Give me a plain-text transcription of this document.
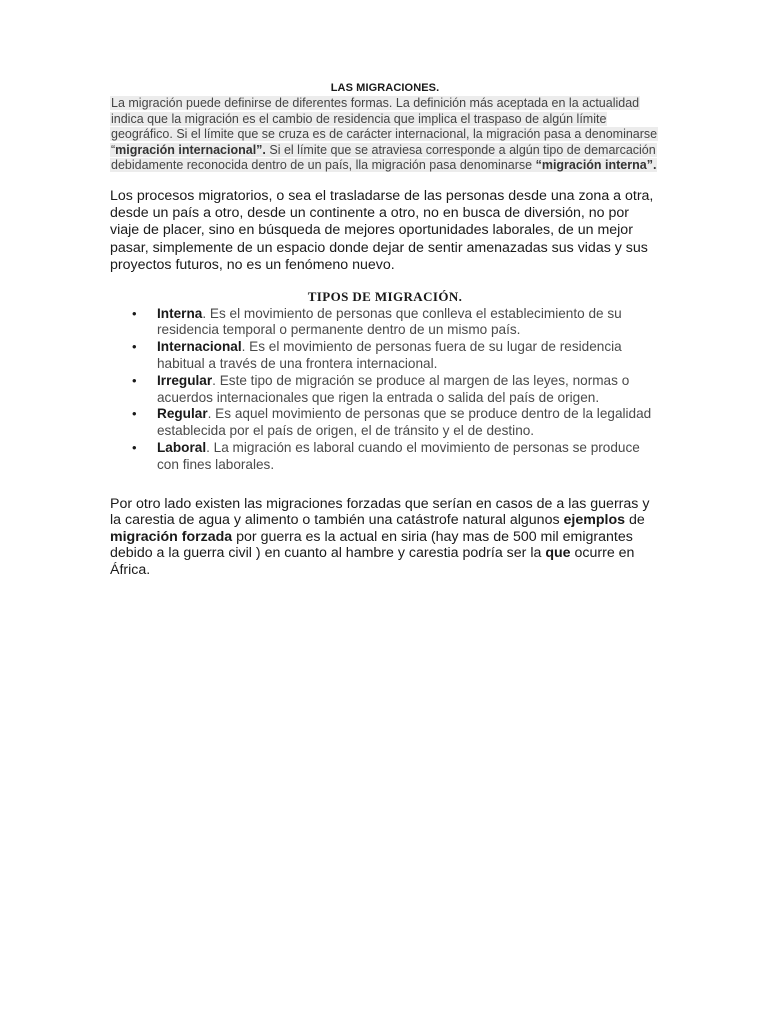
LAS MIGRACIONES.

La migración puede definirse de diferentes formas. La definición más aceptada en la actualidad indica que la migración es el cambio de residencia que implica el traspaso de algún límite geográfico. Si el límite que se cruza es de carácter internacional, la migración pasa a denominarse “migración internacional”. Si el límite que se atraviesa corresponde a algún tipo de demarcación debidamente reconocida dentro de un país, lla migración pasa denominarse “migración interna”.

Los procesos migratorios, o sea el trasladarse de las personas desde una zona a otra, desde un país a otro, desde un continente a otro, no en busca de diversión, no por viaje de placer, sino en búsqueda de mejores oportunidades laborales, de un mejor pasar, simplemente de un espacio donde dejar de sentir amenazadas sus vidas y sus proyectos futuros, no es un fenómeno nuevo.

TIPOS DE MIGRACIÓN.
• Interna. Es el movimiento de personas que conlleva el establecimiento de su residencia temporal o permanente dentro de un mismo país.
• Internacional. Es el movimiento de personas fuera de su lugar de residencia habitual a través de una frontera internacional.
• Irregular. Este tipo de migración se produce al margen de las leyes, normas o acuerdos internacionales que rigen la entrada o salida del país de origen.
• Regular. Es aquel movimiento de personas que se produce dentro de la legalidad establecida por el país de origen, el de tránsito y el de destino.
• Laboral. La migración es laboral cuando el movimiento de personas se produce con fines laborales.

Por otro lado existen las migraciones forzadas que serían en casos de a las guerras y la carestia de agua y alimento o también una catástrofe natural algunos ejemplos de migración forzada por guerra es la actual en siria (hay mas de 500 mil emigrantes debido a la guerra civil ) en cuanto al hambre y carestia podría ser la que ocurre en África.
